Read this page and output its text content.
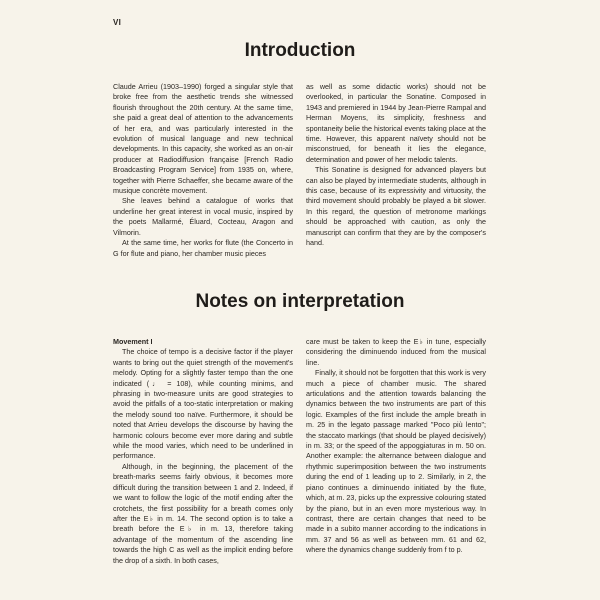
VI
Introduction

Claude Arrieu (1903–1990) forged a singular style that broke free from the aesthetic trends she witnessed flourish throughout the 20th century. At the same time, she paid a great deal of attention to the advancements of her era, and was particularly interested in the evolution of musical language and new technical developments. In this capacity, she worked as an on-air producer at Radiodiffusion française [French Radio Broadcasting Program Service] from 1935 on, where, together with Pierre Schaeffer, she became aware of the musique concrète movement.

She leaves behind a catalogue of works that underline her great interest in vocal music, inspired by the poets Mallarmé, Éluard, Cocteau, Aragon and Vilmorin.

At the same time, her works for flute (the Concerto in G for flute and piano, her chamber music pieces

as well as some didactic works) should not be overlooked, in particular the Sonatine. Composed in 1943 and premiered in 1944 by Jean-Pierre Rampal and Herman Moyens, its simplicity, freshness and spontaneity belie the historical events taking place at the time. However, this apparent naïvety should not be misconstrued, for beneath it lies the elegance, determination and power of her melodic talents.

This Sonatine is designed for advanced players but can also be played by intermediate students, although in this case, because of its expressivity and virtuosity, the third movement should probably be played a bit slower. In this regard, the question of metronome markings should be approached with caution, as only the manuscript can confirm that they are by the composer's hand.

Notes on interpretation
Movement I

The choice of tempo is a decisive factor if the player wants to bring out the quiet strength of the movement's melody. Opting for a slightly faster tempo than the one indicated (♩ = 108), while counting minims, and phrasing in two-measure units are good strategies to avoid the pitfalls of a too-static interpretation or making the melody sound too naïve. Furthermore, it should be noted that Arrieu develops the discourse by having the harmonic colours become ever more daring and subtle while the mood varies, which need to be underlined in performance.

Although, in the beginning, the placement of the breath-marks seems fairly obvious, it becomes more difficult during the transition between 1 and 2. Indeed, if we want to follow the logic of the motif ending after the crotchets, the first possibility for a breath comes only after the E♭ in m. 14. The second option is to take a breath before the E♭ in m. 13, therefore taking advantage of the momentum of the ascending line towards the high C as well as the implicit ending before the drop of a sixth. In both cases,

care must be taken to keep the E♭ in tune, especially considering the diminuendo induced from the musical line.

Finally, it should not be forgotten that this work is very much a piece of chamber music. The shared articulations and the attention towards balancing the dynamics between the two instruments are part of this logic. Examples of the first include the ample breath in m. 25 in the legato passage marked "Poco più lento"; the staccato markings (that should be played decisively) in m. 33; or the speed of the appoggiaturas in m. 50 on. Another example: the alternance between dialogue and rhythmic superimposition between the two instruments during the end of 1 leading up to 2. Similarly, in 2, the piano continues a diminuendo initiated by the flute, which, at m. 23, picks up the expressive colouring stated by the piano, but in an even more mysterious way. In contrast, there are certain changes that need to be made in a subito manner according to the indications in mm. 37 and 56 as well as between mm. 61 and 62, where the dynamics change suddenly from f to p.
